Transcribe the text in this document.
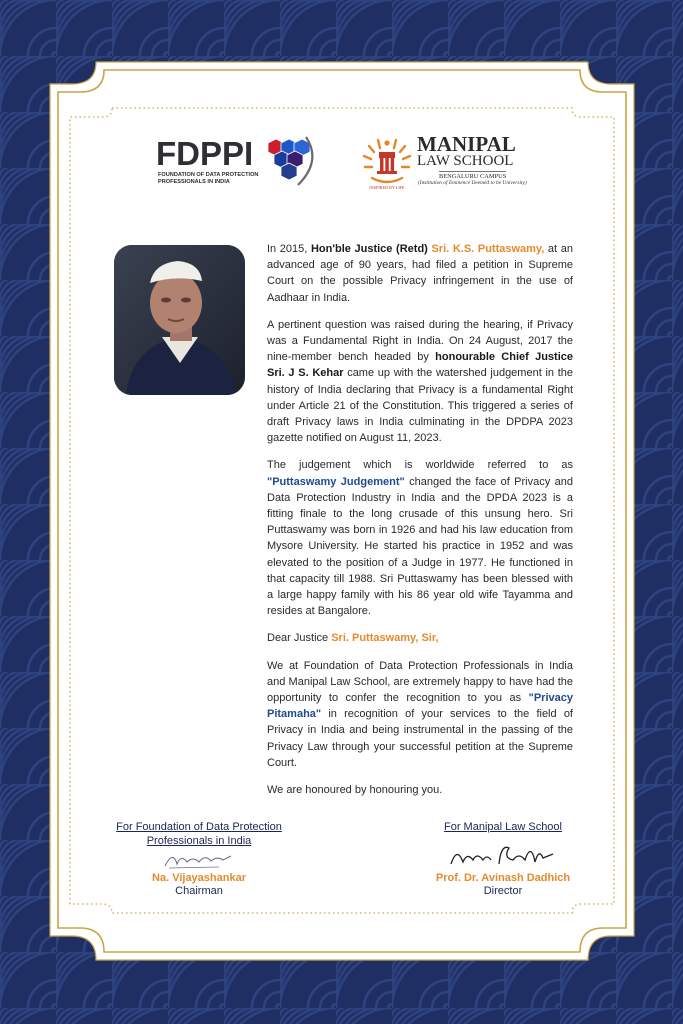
FDPPI
FOUNDATION OF DATA PROTECTION PROFESSIONALS IN INDIA
INSPIRED BY LIFE
MANIPAL
LAW SCHOOL
BENGALURU CAMPUS
(Institution of Eminence Deemed to be University)

In 2015, Hon'ble Justice (Retd) Sri. K.S. Puttaswamy, at an advanced age of 90 years, had filed a petition in Supreme Court on the possible Privacy infringement in the use of Aadhaar in India.

A pertinent question was raised during the hearing, if Privacy was a Fundamental Right in India. On 24 August, 2017 the nine-member bench headed by honourable Chief Justice Sri. J S. Kehar came up with the watershed judgement in the history of India declaring that Privacy is a fundamental Right under Article 21 of the Constitution. This triggered a series of draft Privacy laws in India culminating in the DPDPA 2023 gazette notified on August 11, 2023.

The judgement which is worldwide referred to as "Puttaswamy Judgement" changed the face of Privacy and Data Protection Industry in India and the DPDA 2023 is a fitting finale to the long crusade of this unsung hero. Sri Puttaswamy was born in 1926 and had his law education from Mysore University. He started his practice in 1952 and was elevated to the position of a Judge in 1977. He functioned in that capacity till 1988. Sri Puttaswamy has been blessed with a large happy family with his 86 year old wife Tayamma and resides at Bangalore.

Dear Justice Sri. Puttaswamy, Sir,

We at Foundation of Data Protection Professionals in India and Manipal Law School, are extremely happy to have had the opportunity to confer the recognition to you as "Privacy Pitamaha" in recognition of your services to the field of Privacy in India and being instrumental in the passing of the Privacy Law through your successful petition at the Supreme Court.

We are honoured by honouring you.

For Foundation of Data Protection
Professionals in India
Na. Vijayashankar
Chairman
For Manipal Law School
Prof. Dr. Avinash Dadhich
Director
